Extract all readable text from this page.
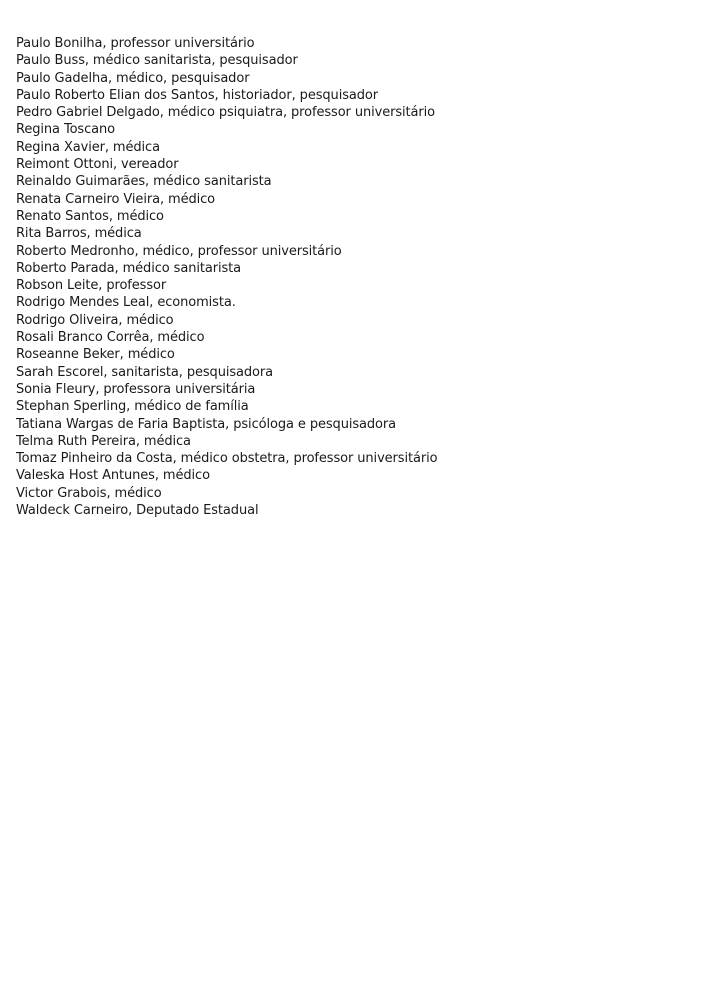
Paulo Bonilha, professor universitário
Paulo Buss, médico sanitarista, pesquisador
Paulo Gadelha, médico, pesquisador
Paulo Roberto Elian dos Santos, historiador, pesquisador
Pedro Gabriel Delgado, médico psiquiatra, professor universitário
Regina Toscano
Regina Xavier, médica
Reimont Ottoni, vereador
Reinaldo Guimarães, médico sanitarista
Renata Carneiro Vieira, médico
Renato Santos, médico
Rita Barros, médica
Roberto Medronho, médico, professor universitário
Roberto Parada, médico sanitarista
Robson Leite, professor
Rodrigo Mendes Leal, economista.
Rodrigo Oliveira, médico
Rosali Branco Corrêa, médico
Roseanne Beker, médico
Sarah Escorel, sanitarista, pesquisadora
Sonia Fleury, professora universitária
Stephan Sperling, médico de família
Tatiana Wargas de Faria Baptista, psicóloga e pesquisadora
Telma Ruth Pereira, médica
Tomaz Pinheiro da Costa, médico obstetra, professor universitário
Valeska Host Antunes, médico
Victor Grabois, médico
Waldeck Carneiro, Deputado Estadual
